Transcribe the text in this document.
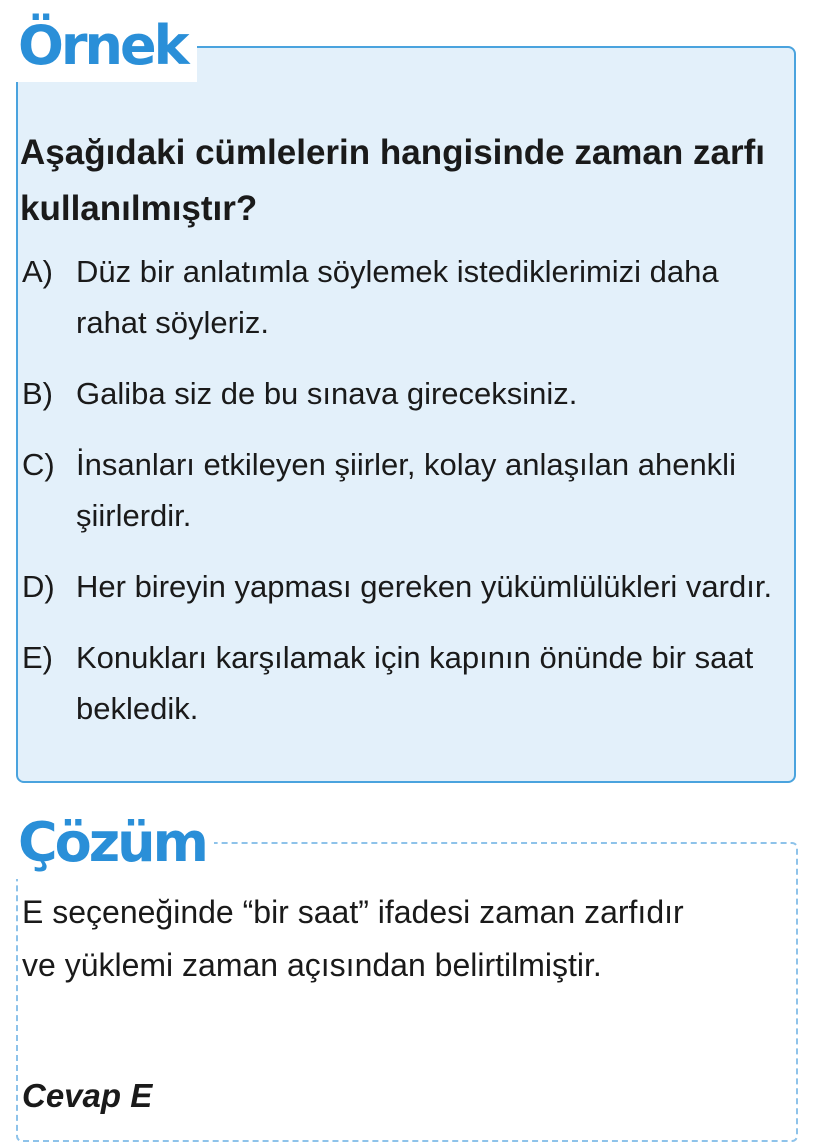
Örnek

Aşağıdaki cümlelerin hangisinde zaman zarfı kullanılmıştır?

A) Düz bir anlatımla söylemek istediklerimizi daha rahat söyleriz.
B) Galiba siz de bu sınava gireceksiniz.
C) İnsanları etkileyen şiirler, kolay anlaşılan ahenkli şiirlerdir.
D) Her bireyin yapması gereken yükümlülükleri vardır.
E) Konukları karşılamak için kapının önünde bir saat bekledik.
Çözüm

E seçeneğinde “bir saat” ifadesi zaman zarfıdır ve yüklemi zaman açısından belirtilmiştir.

Cevap E
